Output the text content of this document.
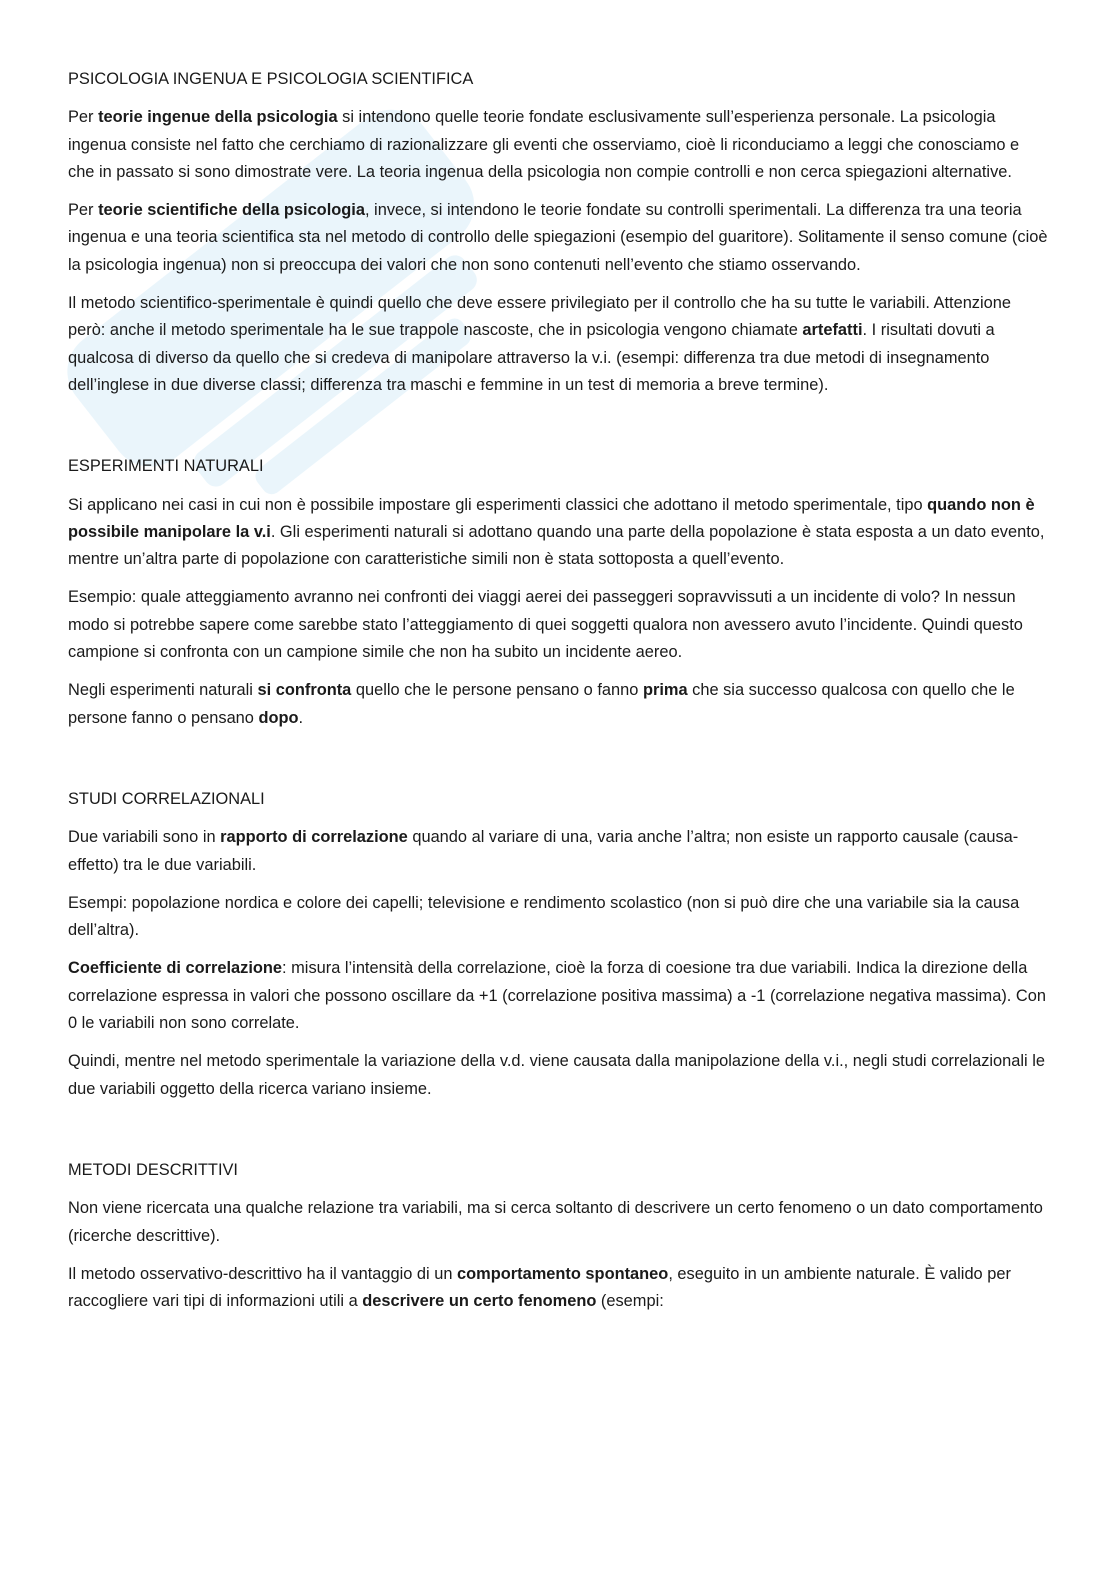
PSICOLOGIA INGENUA E PSICOLOGIA SCIENTIFICA

Per teorie ingenue della psicologia si intendono quelle teorie fondate esclusivamente sull’esperienza personale. La psicologia ingenua consiste nel fatto che cerchiamo di razionalizzare gli eventi che osserviamo, cioè li riconduciamo a leggi che conosciamo e che in passato si sono dimostrate vere. La teoria ingenua della psicologia non compie controlli e non cerca spiegazioni alternative.

Per teorie scientifiche della psicologia, invece, si intendono le teorie fondate su controlli sperimentali. La differenza tra una teoria ingenua e una teoria scientifica sta nel metodo di controllo delle spiegazioni (esempio del guaritore). Solitamente il senso comune (cioè la psicologia ingenua) non si preoccupa dei valori che non sono contenuti nell’evento che stiamo osservando.

Il metodo scientifico-sperimentale è quindi quello che deve essere privilegiato per il controllo che ha su tutte le variabili. Attenzione però: anche il metodo sperimentale ha le sue trappole nascoste, che in psicologia vengono chiamate artefatti. I risultati dovuti a qualcosa di diverso da quello che si credeva di manipolare attraverso la v.i. (esempi: differenza tra due metodi di insegnamento dell’inglese in due diverse classi; differenza tra maschi e femmine in un test di memoria a breve termine).

ESPERIMENTI NATURALI

Si applicano nei casi in cui non è possibile impostare gli esperimenti classici che adottano il metodo sperimentale, tipo quando non è possibile manipolare la v.i. Gli esperimenti naturali si adottano quando una parte della popolazione è stata esposta a un dato evento, mentre un’altra parte di popolazione con caratteristiche simili non è stata sottoposta a quell’evento.

Esempio: quale atteggiamento avranno nei confronti dei viaggi aerei dei passeggeri sopravvissuti a un incidente di volo? In nessun modo si potrebbe sapere come sarebbe stato l’atteggiamento di quei soggetti qualora non avessero avuto l’incidente. Quindi questo campione si confronta con un campione simile che non ha subito un incidente aereo.

Negli esperimenti naturali si confronta quello che le persone pensano o fanno prima che sia successo qualcosa con quello che le persone fanno o pensano dopo.

STUDI CORRELAZIONALI

Due variabili sono in rapporto di correlazione quando al variare di una, varia anche l’altra; non esiste un rapporto causale (causa-effetto) tra le due variabili.

Esempi: popolazione nordica e colore dei capelli; televisione e rendimento scolastico (non si può dire che una variabile sia la causa dell’altra).

Coefficiente di correlazione: misura l’intensità della correlazione, cioè la forza di coesione tra due variabili. Indica la direzione della correlazione espressa in valori che possono oscillare da +1 (correlazione positiva massima) a -1 (correlazione negativa massima). Con 0 le variabili non sono correlate.

Quindi, mentre nel metodo sperimentale la variazione della v.d. viene causata dalla manipolazione della v.i., negli studi correlazionali le due variabili oggetto della ricerca variano insieme.

METODI DESCRITTIVI

Non viene ricercata una qualche relazione tra variabili, ma si cerca soltanto di descrivere un certo fenomeno o un dato comportamento (ricerche descrittive).

Il metodo osservativo-descrittivo ha il vantaggio di un comportamento spontaneo, eseguito in un ambiente naturale. È valido per raccogliere vari tipi di informazioni utili a descrivere un certo fenomeno (esempi:
